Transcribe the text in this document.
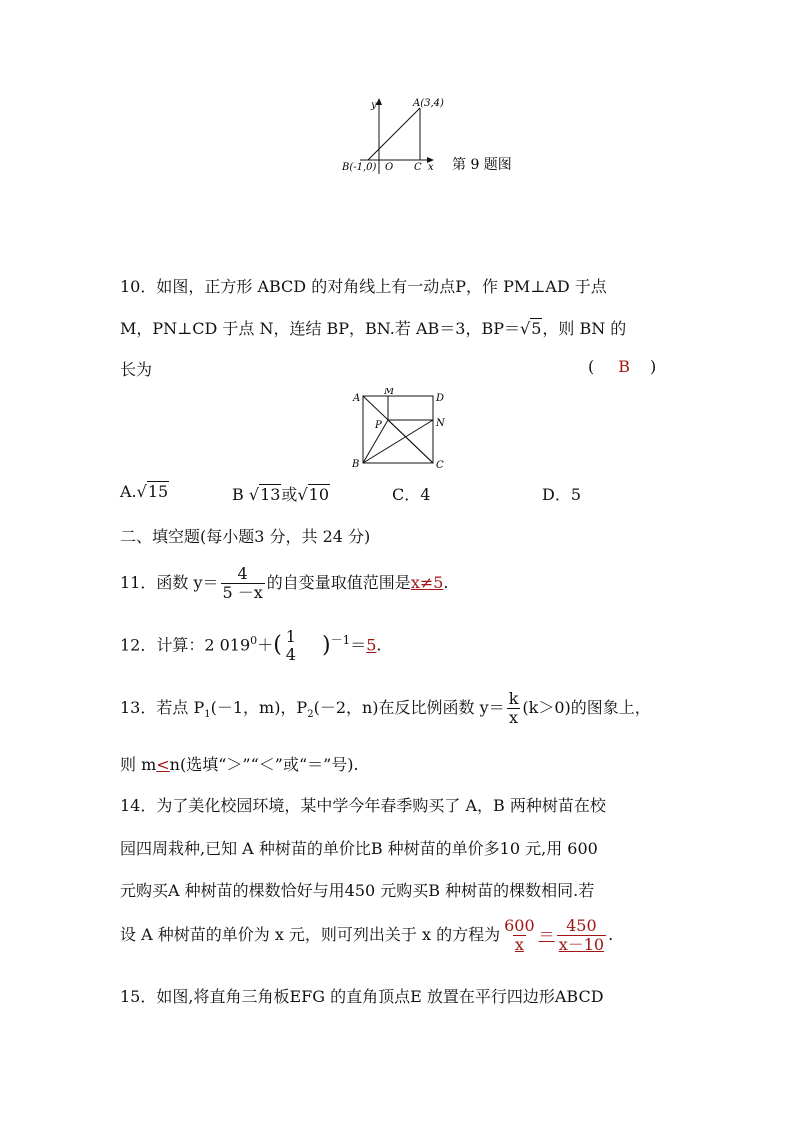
y	A(3,4)
B(-1,0) O C x 第 9 题图
10．如图，正方形 ABCD 的对角线上有一动点P，作 PM⊥AD 于点
M，PN⊥CD 于点 N，连结 BP，BN.若 AB＝3，BP＝√5，则 BN 的
长为	( B )
A
M
D
P	N
B	C
A.√15	B √13或√10	C．4	D．5
二、填空题(每小题3 分，共 24 分)
11．函数 $y= \frac{4}{5 -x}$ 的自变量取值范围是x≠5.
12．计算：2 $019^0+$( 1
4 )$^{-1}$＝5.
13．若点 $P_1(-1$，m)，$P_2(-2$，n)在反比例函数 $y= \frac{k}{x} (k>0)$的图象上，
则 m<n(选填“＞”“＜”或“＝”号).
14．为了美化校园环境，某中学今年春季购买了 A，B 两种树苗在校
园四周栽种,已知 A 种树苗的单价比B 种树苗的单价多10 元,用 600
元购买A 种树苗的棵数恰好与用450 元购买B 种树苗的棵数相同.若
设 A 种树苗的单价为 x 元，则可列出关于 x 的方程为 $\frac{600}{x} = \frac{450}{x-10}$ .
15．如图,将直角三角板EFG 的直角顶点E 放置在平行四边形ABCD
